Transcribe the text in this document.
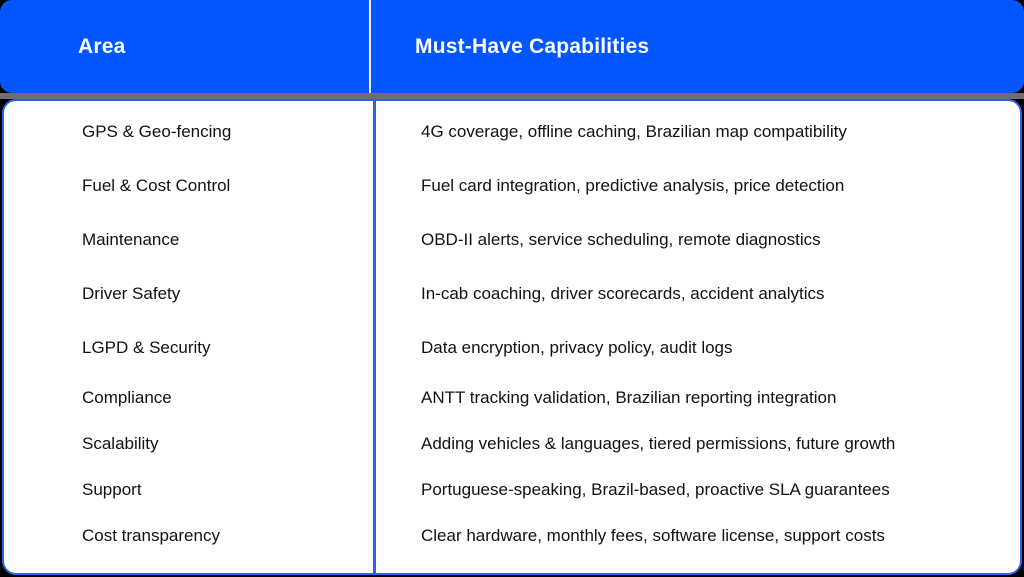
Area	Must-Have Capabilities
GPS & Geo-fencing	4G coverage, offline caching, Brazilian map compatibility
Fuel & Cost Control	Fuel card integration, predictive analysis, price detection
Maintenance	OBD-II alerts, service scheduling, remote diagnostics
Driver Safety	In-cab coaching, driver scorecards, accident analytics
LGPD & Security	Data encryption, privacy policy, audit logs
Compliance	ANTT tracking validation, Brazilian reporting integration
Scalability	Adding vehicles & languages, tiered permissions, future growth
Support	Portuguese-speaking, Brazil-based, proactive SLA guarantees
Cost transparency	Clear hardware, monthly fees, software license, support costs
